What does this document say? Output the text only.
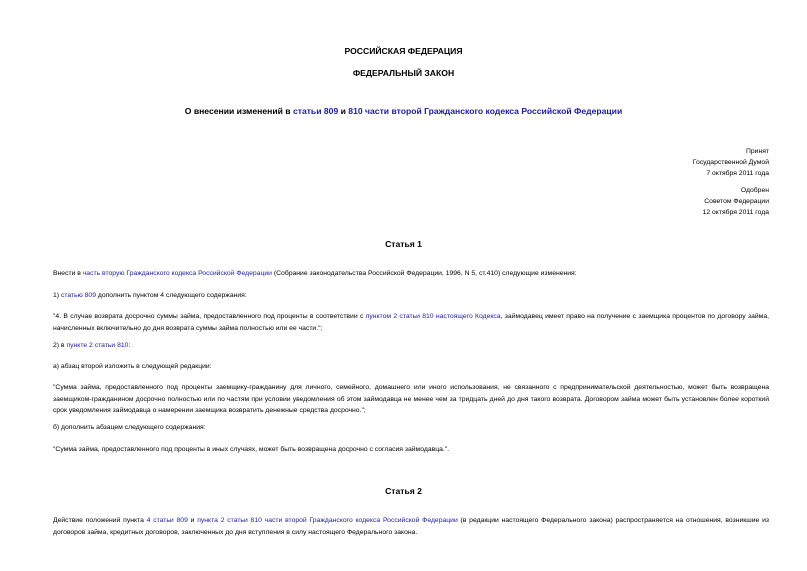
РОССИЙСКАЯ ФЕДЕРАЦИЯ
ФЕДЕРАЛЬНЫЙ ЗАКОН
О внесении изменений в статьи 809 и 810 части второй Гражданского кодекса Российской Федерации
Принят
Государственной Думой
7 октября 2011 года
Одобрен
Советом Федерации
12 октября 2011 года
Статья 1
Внести в часть вторую Гражданского кодекса Российской Федерации (Собрание законодательства Российской Федерации, 1996, N 5, ст.410) следующие изменения:
1) статью 809 дополнить пунктом 4 следующего содержания:
"4. В случае возврата досрочно суммы займа, предоставленного под проценты в соответствии с пунктом 2 статьи 810 настоящего Кодекса, займодавец имеет право на получение с заемщика процентов по договору займа, начисленных включительно до дня возврата суммы займа полностью или ее части.";
2) в пункте 2 статьи 810:
а) абзац второй изложить в следующей редакции:
"Сумма займа, предоставленного под проценты заемщику-гражданину для личного, семейного, домашнего или иного использования, не связанного с предпринимательской деятельностью, может быть возвращена заемщиком-гражданином досрочно полностью или по частям при условии уведомления об этом займодавца не менее чем за тридцать дней до дня такого возврата. Договором займа может быть установлен более короткий срок уведомления займодавца о намерении заемщика возвратить денежные средства досрочно.";
б) дополнить абзацем следующего содержания:
"Сумма займа, предоставленного под проценты в иных случаях, может быть возвращена досрочно с согласия займодавца.".
Статья 2
Действие положений пункта 4 статьи 809 и пункта 2 статьи 810 части второй Гражданского кодекса Российской Федерации (в редакции настоящего Федерального закона) распространяется на отношения, возникшие из договоров займа, кредитных договоров, заключенных до дня вступления в силу настоящего Федерального закона.
